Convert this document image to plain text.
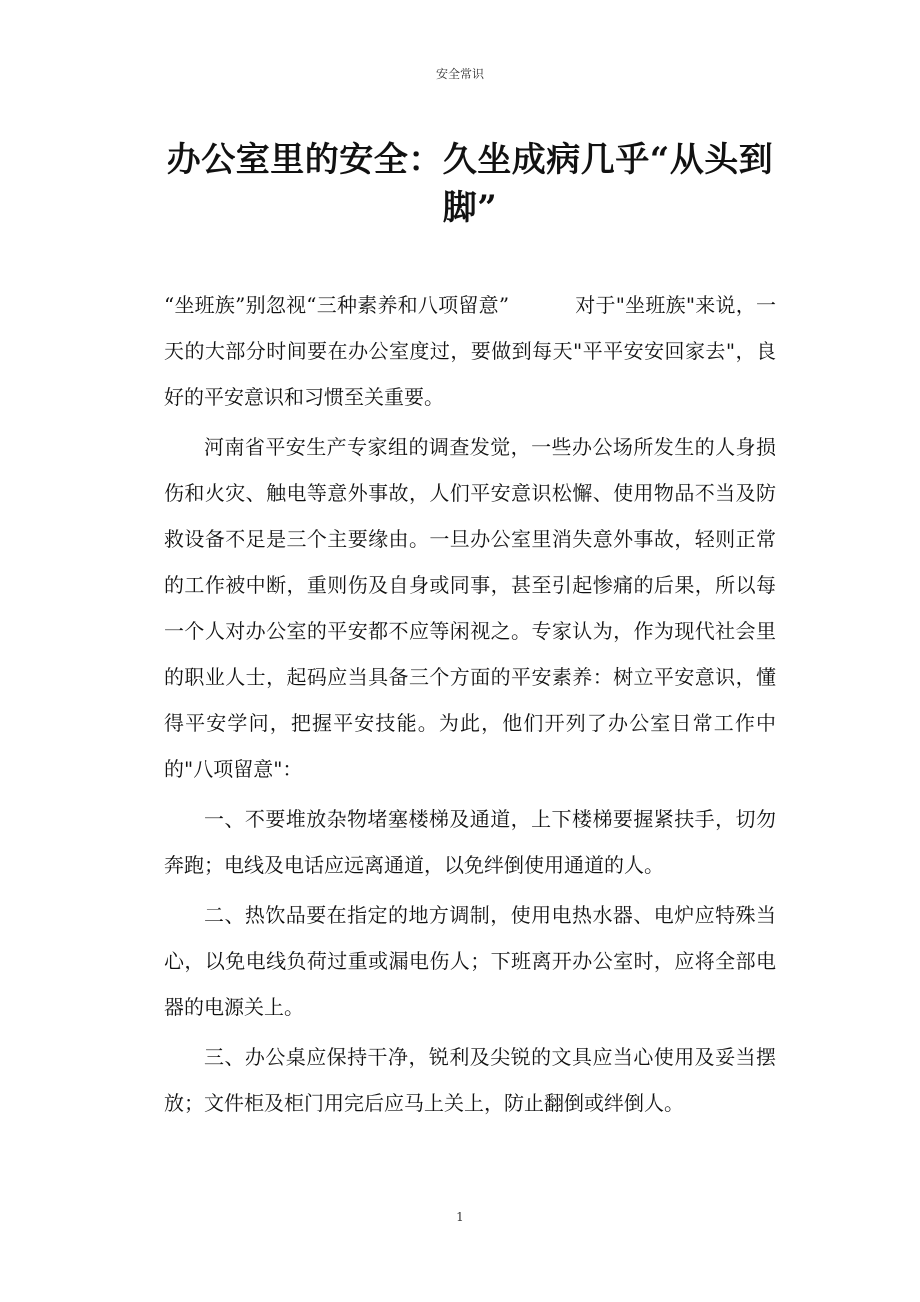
安全常识
办公室里的安全：久坐成病几乎“从头到脚”

“坐班族”别忽视“三种素养和八项留意”	对于"坐班族"来说，一天的大部分时间要在办公室度过，要做到每天"平平安安回家去"，良好的平安意识和习惯至关重要。

河南省平安生产专家组的调查发觉，一些办公场所发生的人身损伤和火灾、触电等意外事故，人们平安意识松懈、使用物品不当及防救设备不足是三个主要缘由。一旦办公室里消失意外事故，轻则正常的工作被中断，重则伤及自身或同事，甚至引起惨痛的后果，所以每一个人对办公室的平安都不应等闲视之。专家认为，作为现代社会里的职业人士，起码应当具备三个方面的平安素养：树立平安意识，懂得平安学问，把握平安技能。为此，他们开列了办公室日常工作中的"八项留意"：

一、不要堆放杂物堵塞楼梯及通道，上下楼梯要握紧扶手，切勿奔跑；电线及电话应远离通道，以免绊倒使用通道的人。

二、热饮品要在指定的地方调制，使用电热水器、电炉应特殊当心，以免电线负荷过重或漏电伤人；下班离开办公室时，应将全部电器的电源关上。

三、办公桌应保持干净，锐利及尖锐的文具应当心使用及妥当摆放；文件柜及柜门用完后应马上关上，防止翻倒或绊倒人。

1
